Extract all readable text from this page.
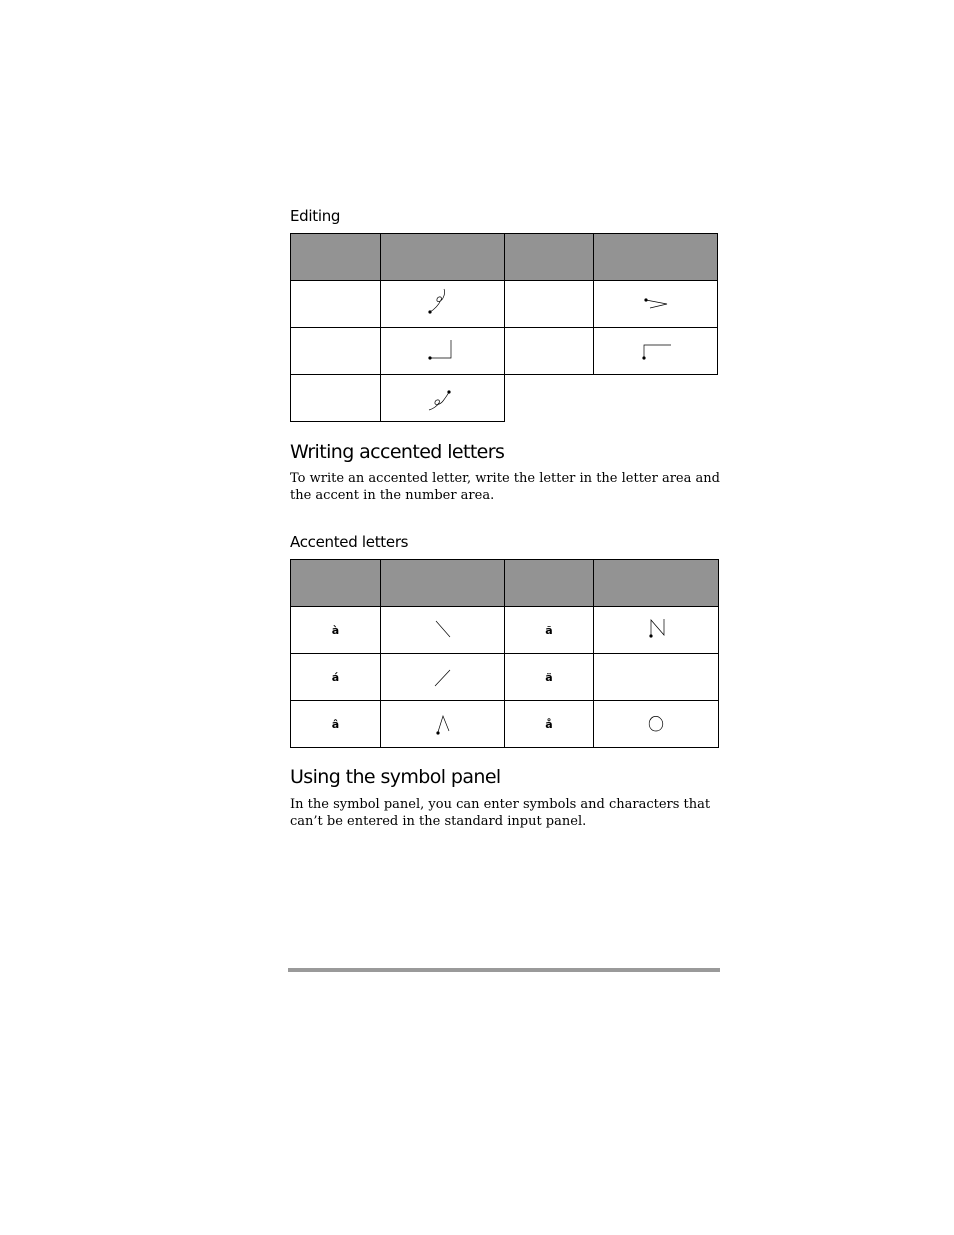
Editing

Writing accented letters
To write an accented letter, write the letter in the letter area and the accent in the number area.
Accented letters

à		ã	

á		ä	
â		å	
Using the symbol panel
In the symbol panel, you can enter symbols and characters that can’t be entered in the standard input panel.
